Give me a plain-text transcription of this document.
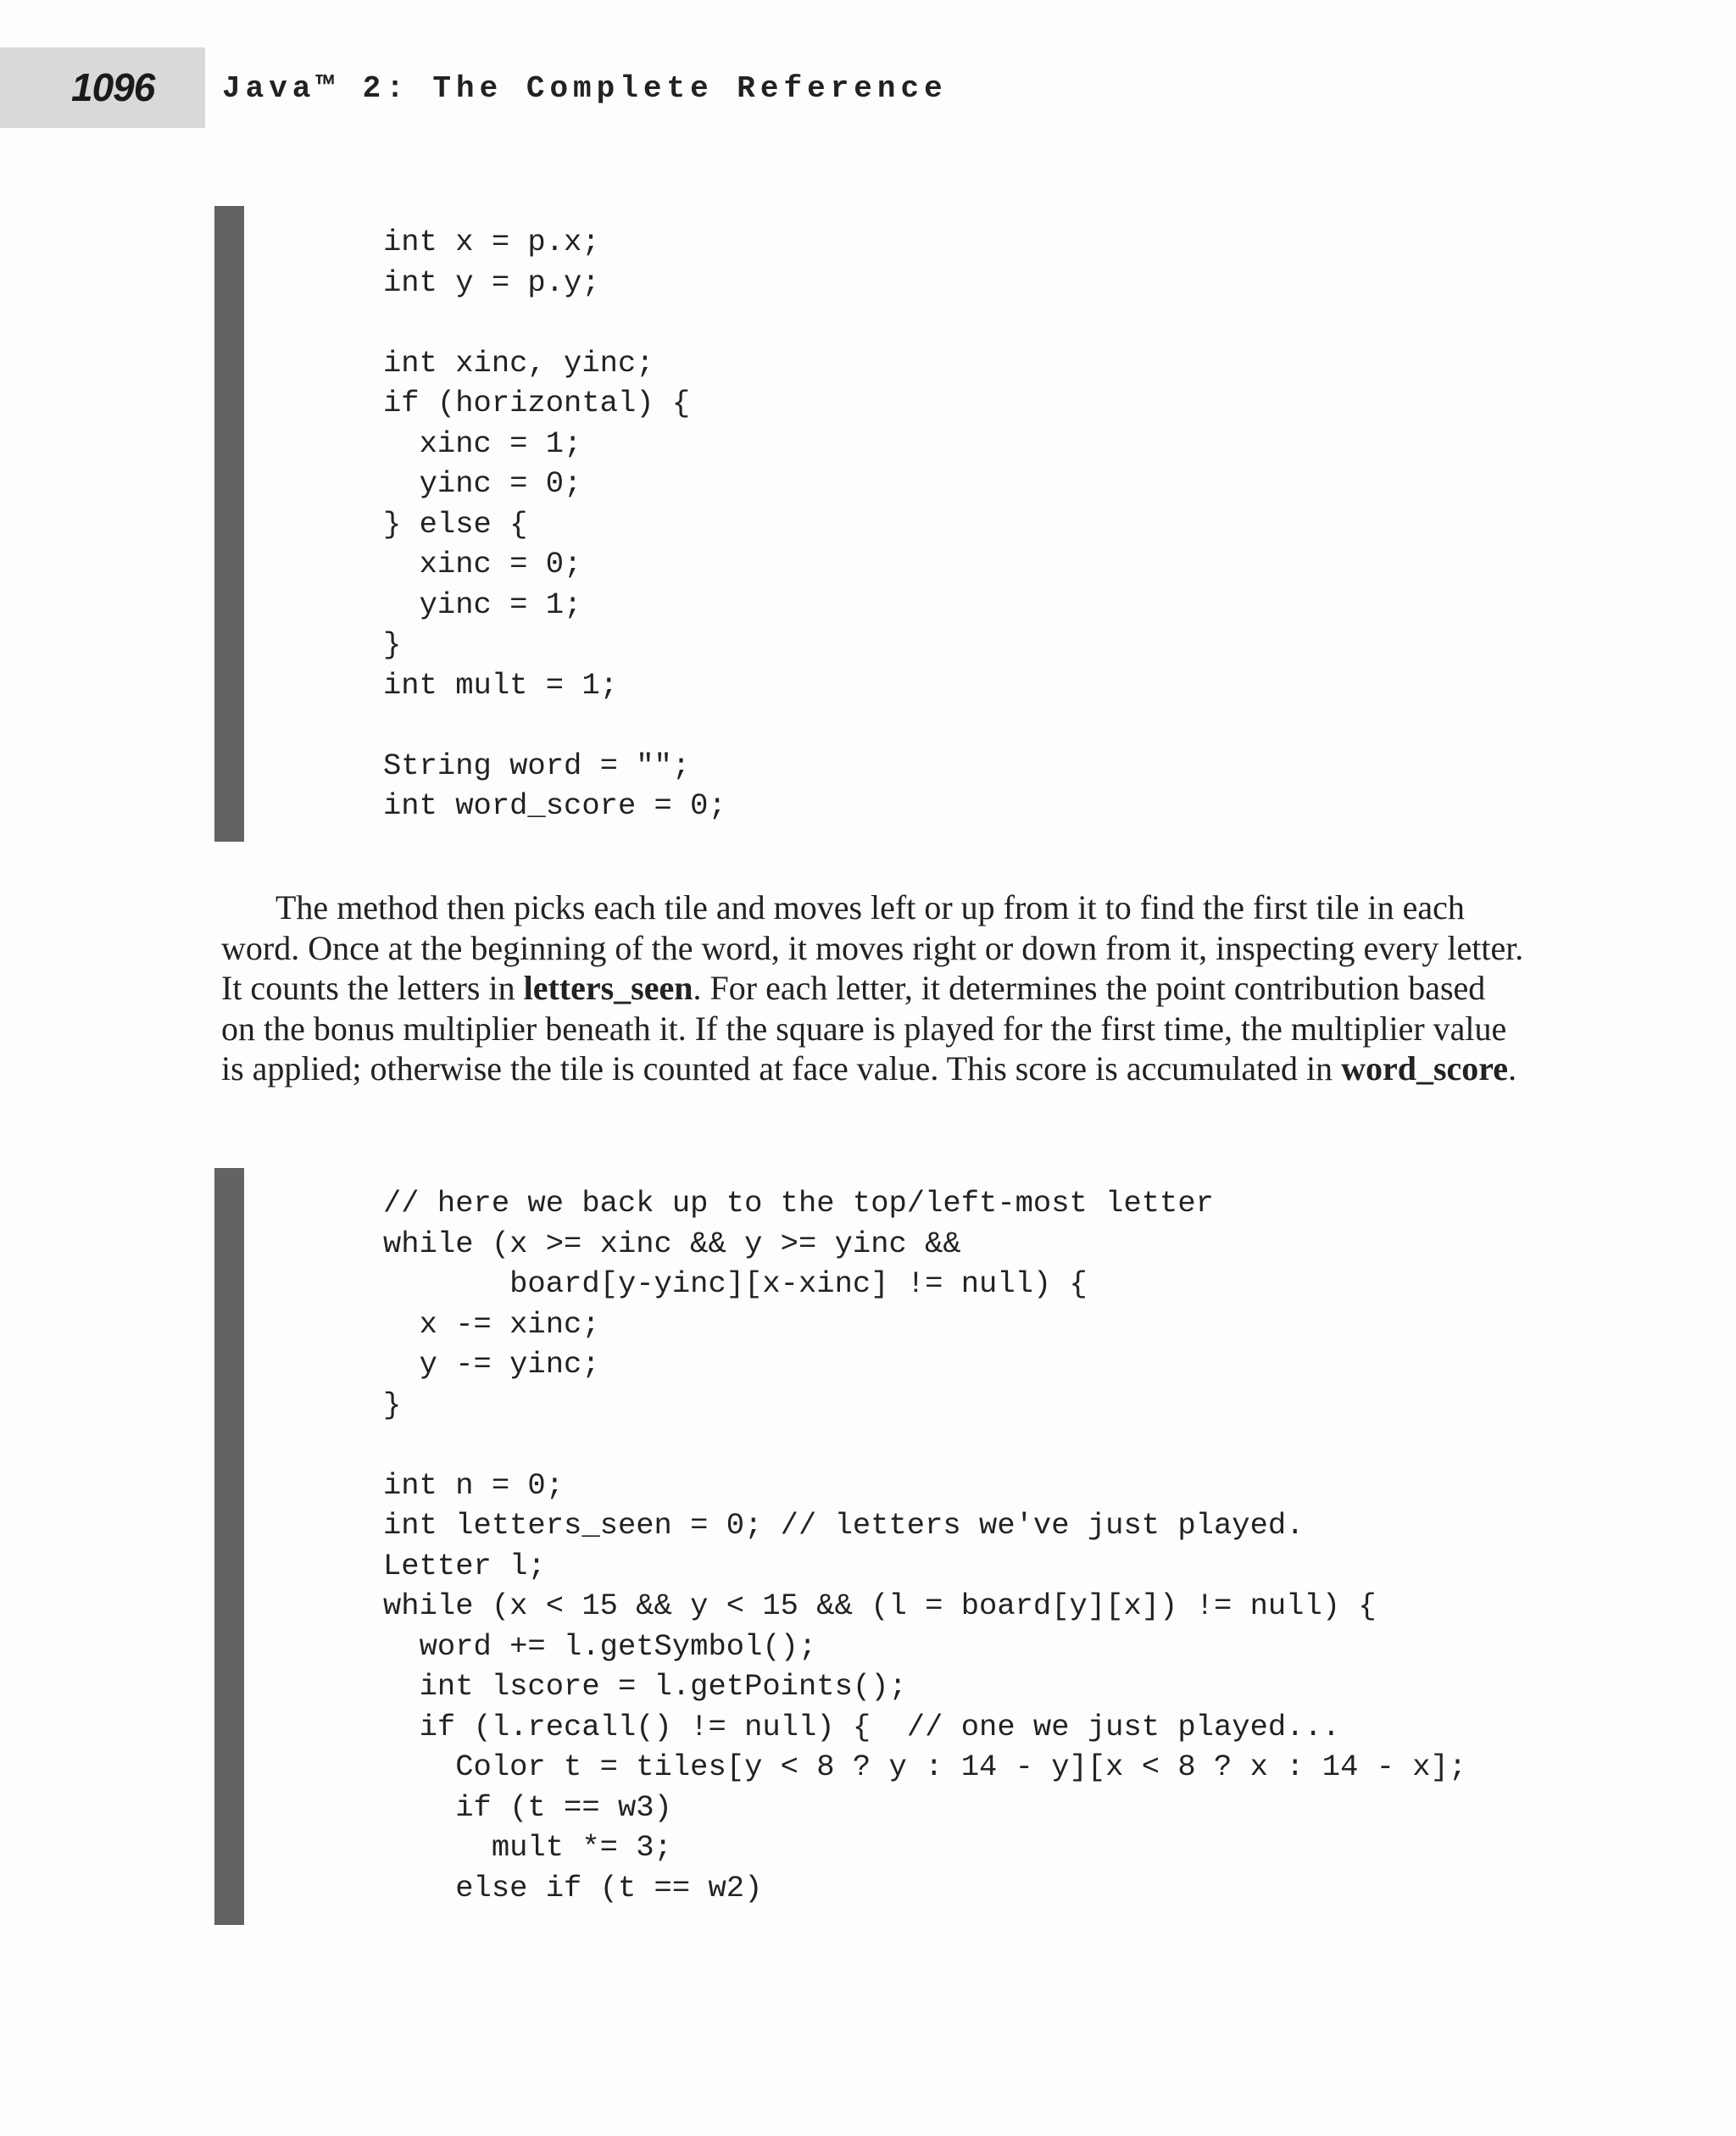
1096 Java™ 2: The Complete Reference
int x = p.x;
int y = p.y;
int xinc, yinc;
if (horizontal) {
xinc = 1;
yinc = 0;
} else {
xinc = 0;
yinc = 1;
}
int mult = 1;
String word = "";
int word_score = 0;

The method then picks each tile and moves left or up from it to find the first tile in each word. Once at the beginning of the word, it moves right or down from it, inspecting every letter. It counts the letters in letters_seen. For each letter, it determines the point contribution based on the bonus multiplier beneath it. If the square is played for the first time, the multiplier value is applied; otherwise the tile is counted at face value. This score is accumulated in word_score.

// here we back up to the top/left-most letter
while (x >= xinc && y >= yinc &&
board[y-yinc][x-xinc] != null) {
x -= xinc;
y -= yinc;
}
int n = 0;
int letters_seen = 0; // letters we've just played.
Letter l;
while (x < 15 && y < 15 && (l = board[y][x]) != null) {
word += l.getSymbol();
int lscore = l.getPoints();
if (l.recall() != null) {  // one we just played...
Color t = tiles[y < 8 ? y : 14 - y][x < 8 ? x : 14 - x];
if (t == w3)
mult *= 3;
else if (t == w2)
